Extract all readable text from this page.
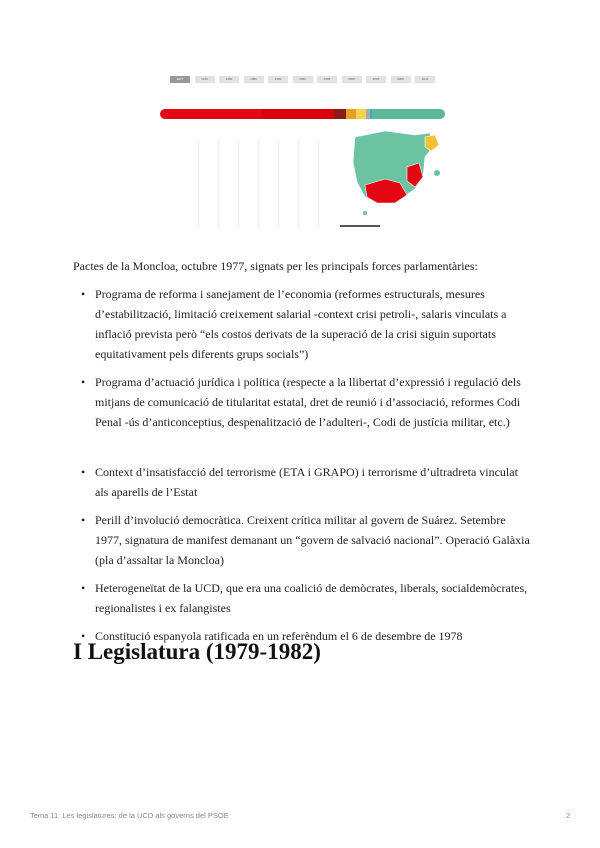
1977	1979	1982	1986	1989	1993	1996	2000	2004	2008	2011

Pactes de la Moncloa, octubre 1977, signats per les principals forces parlamentàries:

• Programa de reforma i sanejament de l’economia (reformes estructurals, mesures d’estabilització, limitació creixement salarial -context crisi petroli-, salaris vinculats a inflació prevista però “els costos derivats de la superació de la crisi siguin suportats equitativament pels diferents grups socials”)
• Programa d’actuació jurídica i política (respecte a la llibertat d’expressió i regulació dels mitjans de comunicació de titularitat estatal, dret de reunió i d’associació, reformes Codi Penal -ús d’anticonceptius, despenalització de l’adulteri-, Codi de justícia militar, etc.)
• Context d’insatisfacció del terrorisme (ETA i GRAPO) i terrorisme d’ultradreta vinculat als aparells de l’Estat
• Perill d’involució democràtica. Creixent crítica militar al govern de Suárez. Setembre 1977, signatura de manifest demanant un “govern de salvació nacional”. Operació Galàxia (pla d’assaltar la Moncloa)
• Heterogeneïtat de la UCD, que era una coalició de demòcrates, liberals, socialdemòcrates, regionalistes i ex falangistes
• Constitució espanyola ratificada en un referèndum el 6 de desembre de 1978
I Legislatura (1979-1982)
Tema 11: Les legislatures: de la UCD als governs del PSOE	2
